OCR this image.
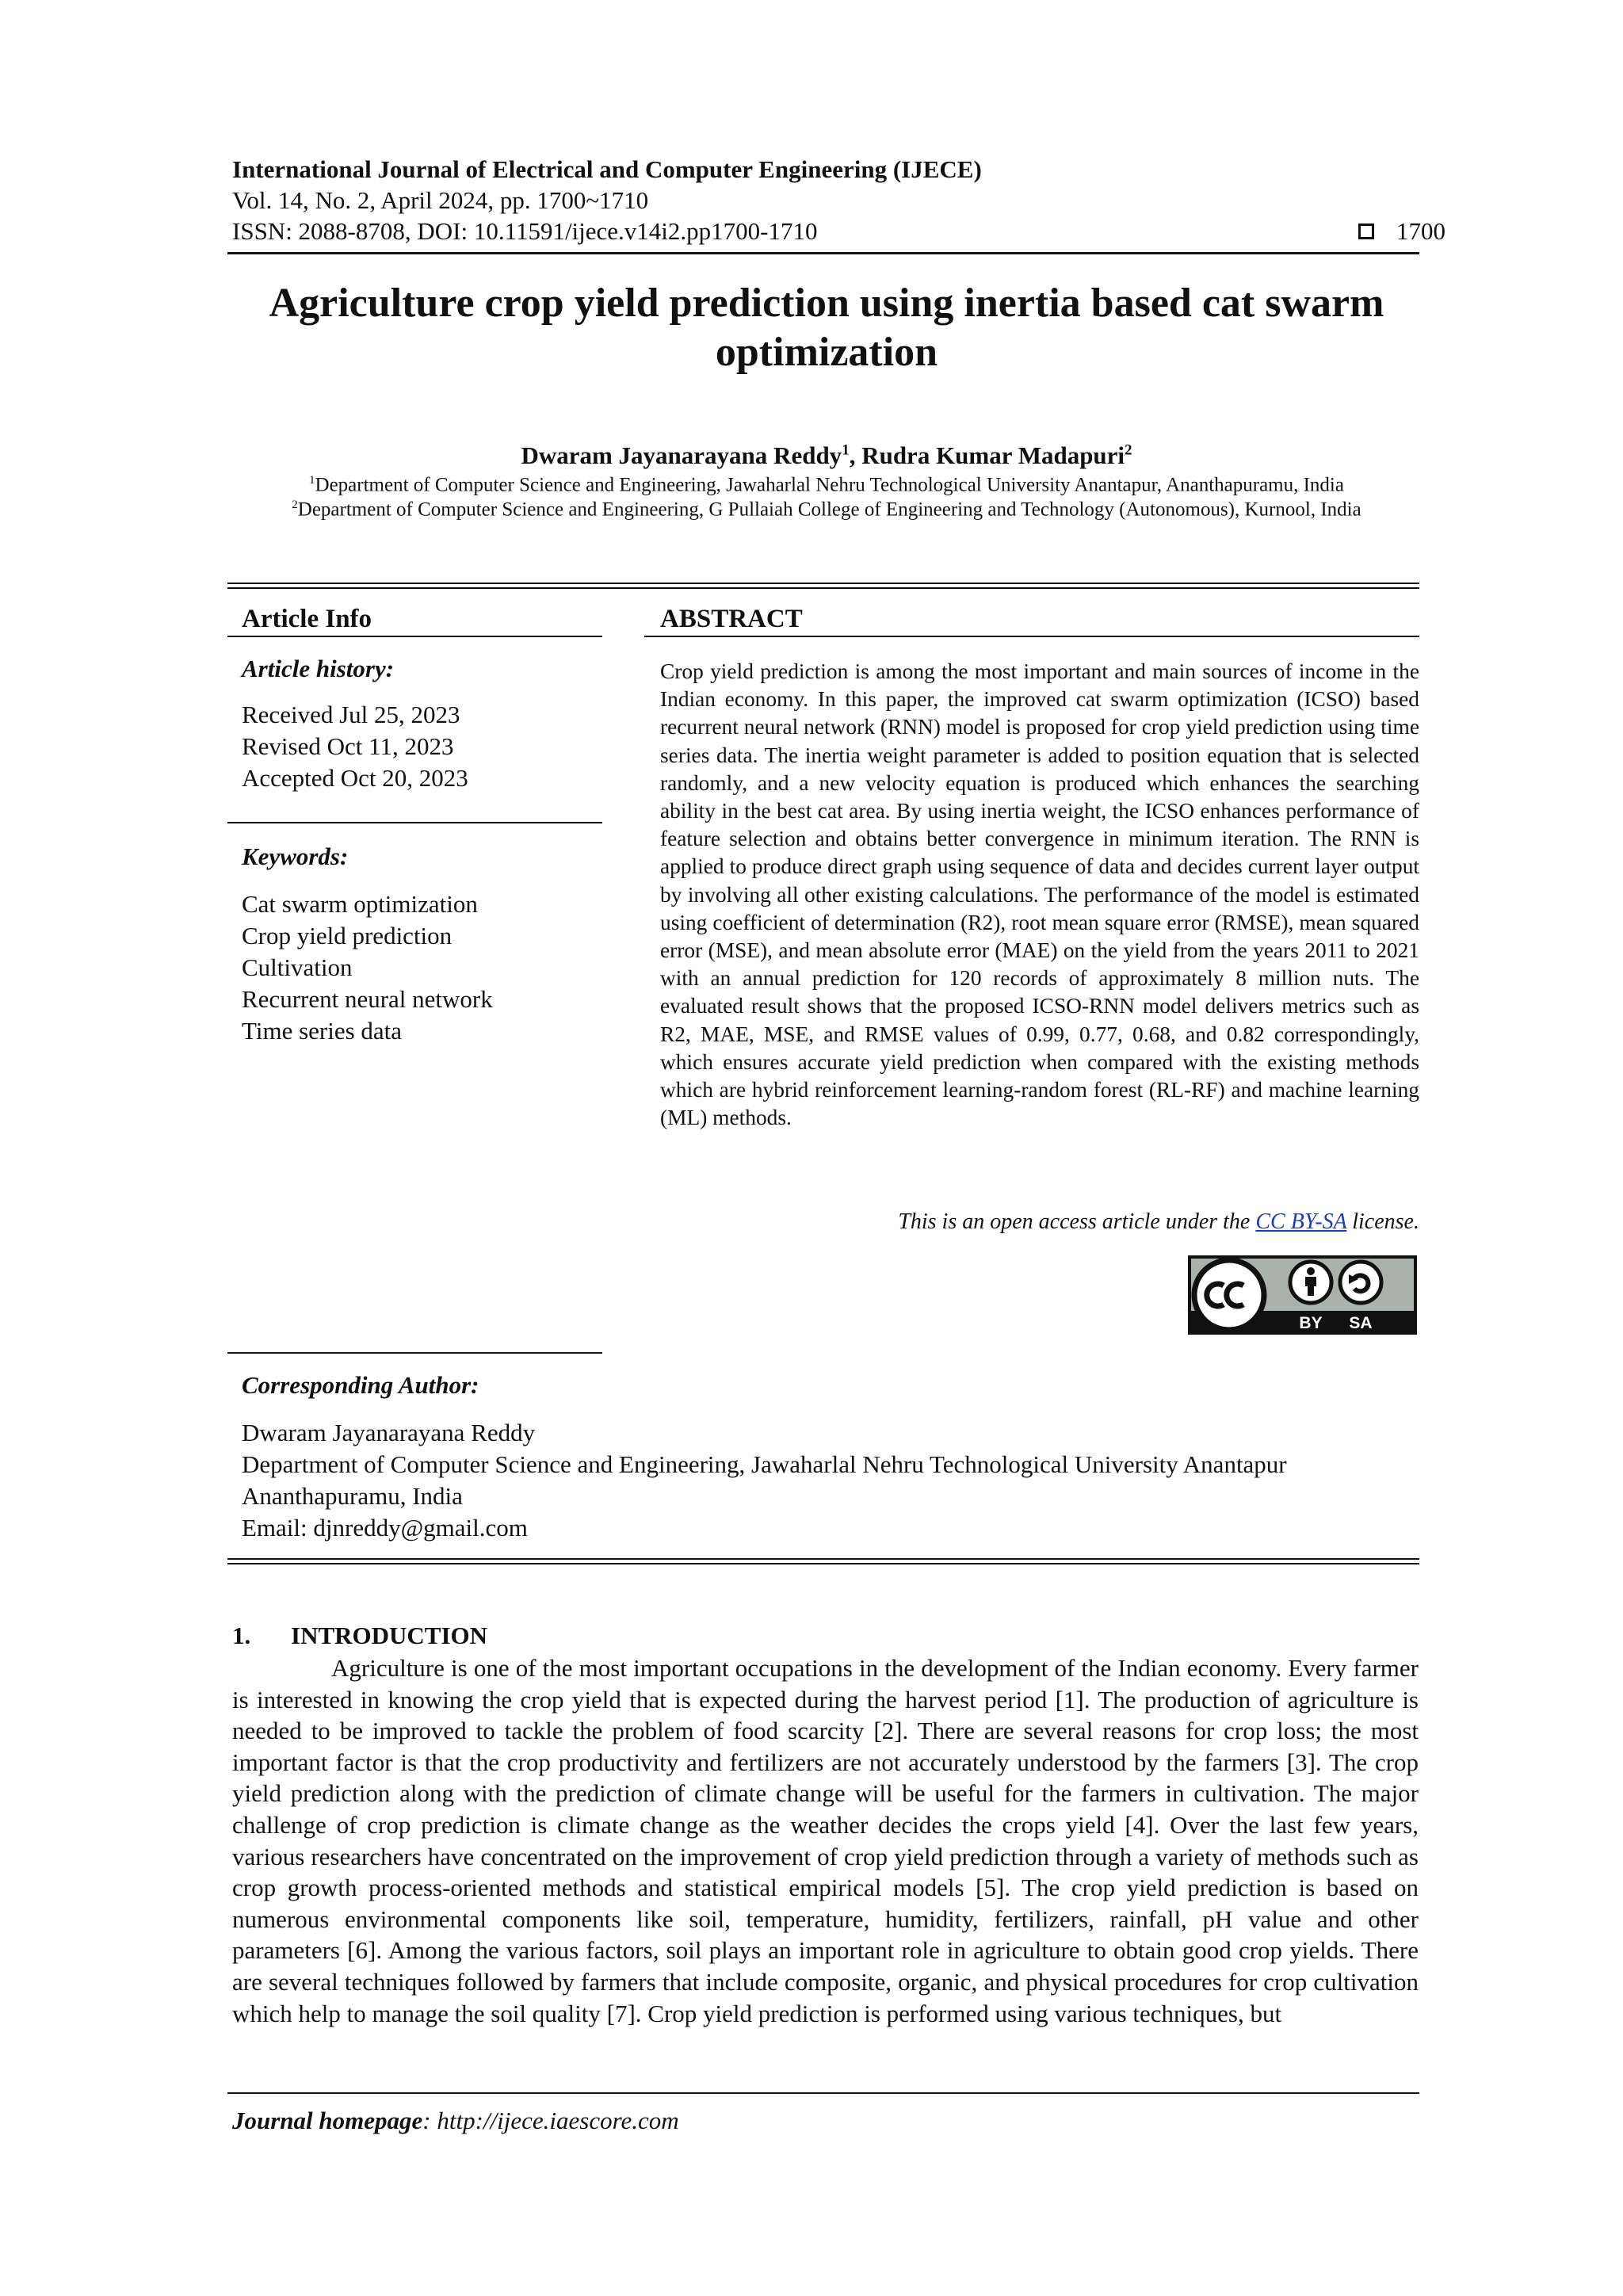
International Journal of Electrical and Computer Engineering (IJECE)
Vol. 14, No. 2, April 2024, pp. 1700~1710
ISSN: 2088-8708, DOI: 10.11591/ijece.v14i2.pp1700-1710	1700
Agriculture crop yield prediction using inertia based cat swarm
optimization
Dwaram Jayanarayana Reddy$^1$, Rudra Kumar Madapuri$^2$
$^1$Department of Computer Science and Engineering, Jawaharlal Nehru Technological University Anantapur, Ananthapuramu, India
$^2$Department of Computer Science and Engineering, G Pullaiah College of Engineering and Technology (Autonomous), Kurnool, India
Article Info
Article history:
Received Jul 25, 2023
Revised Oct 11, 2023
Accepted Oct 20, 2023
Keywords:
Cat swarm optimization
Crop yield prediction
Cultivation
Recurrent neural network
Time series data
ABSTRACT
Crop yield prediction is among the most important and main sources of income in the Indian economy. In this paper, the improved cat swarm optimization (ICSO) based recurrent neural network (RNN) model is proposed for crop yield prediction using time series data. The inertia weight parameter is added to position equation that is selected randomly, and a new velocity equation is produced which enhances the searching ability in the best cat area. By using inertia weight, the ICSO enhances performance of feature selection and obtains better convergence in minimum iteration. The RNN is applied to produce direct graph using sequence of data and decides current layer output by involving all other existing calculations. The performance of the model is estimated using coefficient of determination (R2), root mean square error (RMSE), mean squared error (MSE), and mean absolute error (MAE) on the yield from the years 2011 to 2021 with an annual prediction for 120 records of approximately 8 million nuts. The evaluated result shows that the proposed ICSO-RNN model delivers metrics such as R2, MAE, MSE, and RMSE values of 0.99, 0.77, 0.68, and 0.82 correspondingly, which ensures accurate yield prediction when compared with the existing methods which are hybrid reinforcement learning-random forest (RL-RF) and machine learning (ML) methods.
This is an open access article under the CC BY-SA license.
BY SA
Corresponding Author:
Dwaram Jayanarayana Reddy
Department of Computer Science and Engineering, Jawaharlal Nehru Technological University Anantapur
Ananthapuramu, India
Email: djnreddy@gmail.com
1. INTRODUCTION

Agriculture is one of the most important occupations in the development of the Indian economy. Every farmer is interested in knowing the crop yield that is expected during the harvest period [1]. The production of agriculture is needed to be improved to tackle the problem of food scarcity [2]. There are several reasons for crop loss; the most important factor is that the crop productivity and fertilizers are not accurately understood by the farmers [3]. The crop yield prediction along with the prediction of climate change will be useful for the farmers in cultivation. The major challenge of crop prediction is climate change as the weather decides the crops yield [4]. Over the last few years, various researchers have concentrated on the improvement of crop yield prediction through a variety of methods such as crop growth process-oriented methods and statistical empirical models [5]. The crop yield prediction is based on numerous environmental components like soil, temperature, humidity, fertilizers, rainfall, pH value and other parameters [6]. Among the various factors, soil plays an important role in agriculture to obtain good crop yields. There are several techniques followed by farmers that include composite, organic, and physical procedures for crop cultivation which help to manage the soil quality [7]. Crop yield prediction is performed using various techniques, but

Journal homepage: http://ijece.iaescore.com
